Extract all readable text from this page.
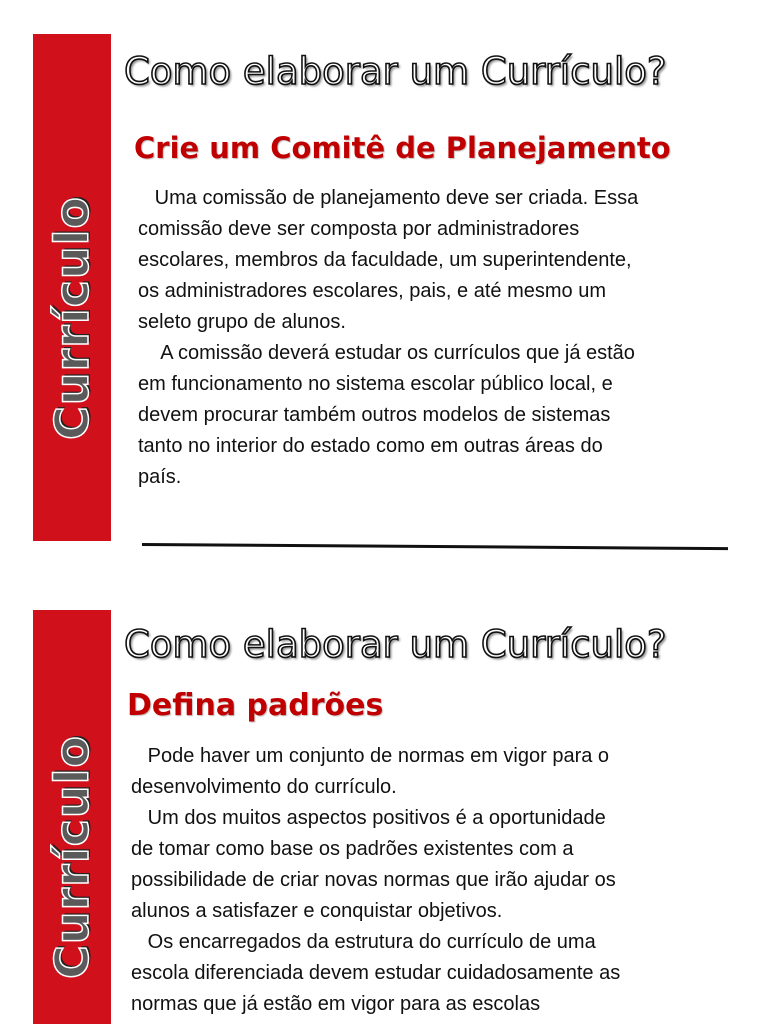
Currículo
Como elaborar um Currículo?
Crie um Comitê de Planejamento
Uma comissão de planejamento deve ser criada. Essa
comissão deve ser composta por administradores
escolares, membros da faculdade, um superintendente,
os administradores escolares, pais, e até mesmo um
seleto grupo de alunos.
A comissão deverá estudar os currículos que já estão
em funcionamento no sistema escolar público local, e
devem procurar também outros modelos de sistemas
tanto no interior do estado como em outras áreas do
país.
Currículo
Como elaborar um Currículo?
Defina padrões
Pode haver um conjunto de normas em vigor para o
desenvolvimento do currículo.
Um dos muitos aspectos positivos é a oportunidade
de tomar como base os padrões existentes com a
possibilidade de criar novas normas que irão ajudar os
alunos a satisfazer e conquistar objetivos.
Os encarregados da estrutura do currículo de uma
escola diferenciada devem estudar cuidadosamente as
normas que já estão em vigor para as escolas
